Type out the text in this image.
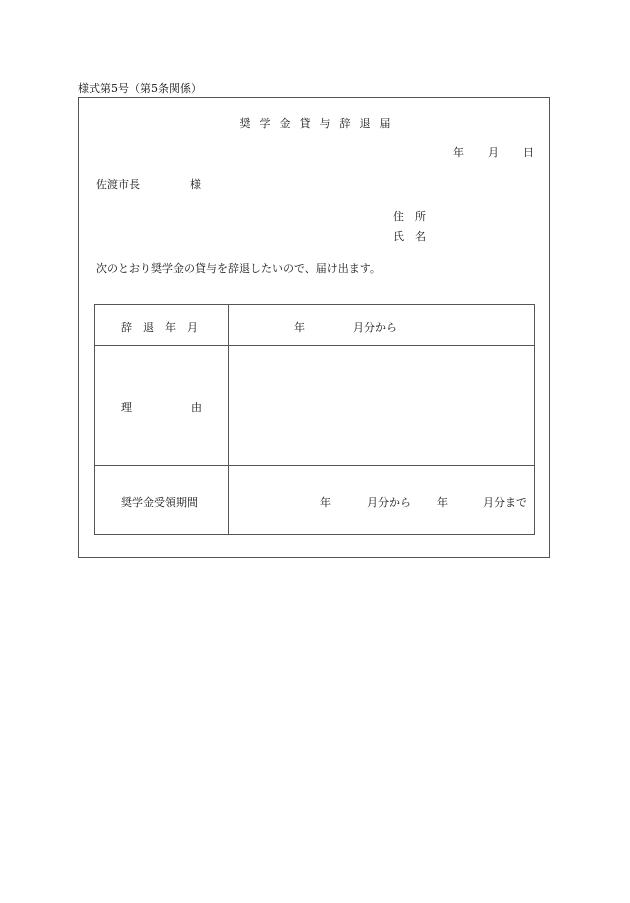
様式第5号（第5条関係）
奨 学 金 貸 与 辞 退 届
年 月 日
佐渡市長	様
住　所
氏　名
次のとおり奨学金の貸与を辞退したいので、届け出ます。
辞　退　年　月	年	月分から
理	由
奨学金受領期間	年	月分から 年	月分まで
